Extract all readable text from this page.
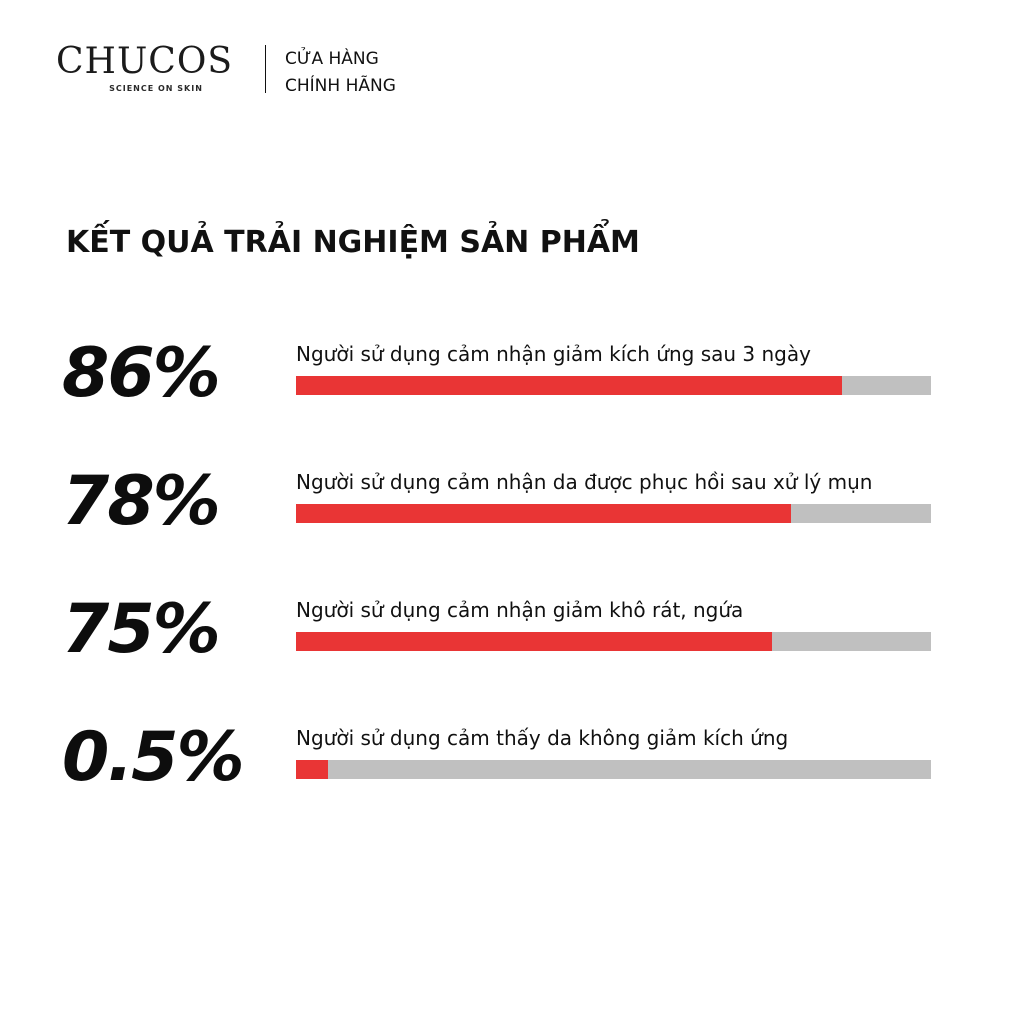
CHUCOS
SCIENCE ON SKIN
CỬA HÀNG
CHÍNH HÃNG
KẾT QUẢ TRẢI NGHIỆM SẢN PHẨM
86%	Người sử dụng cảm nhận giảm kích ứng sau 3 ngày
78%	Người sử dụng cảm nhận da được phục hồi sau xử lý mụn
75%	Người sử dụng cảm nhận giảm khô rát, ngứa
0.5%	Người sử dụng cảm thấy da không giảm kích ứng
